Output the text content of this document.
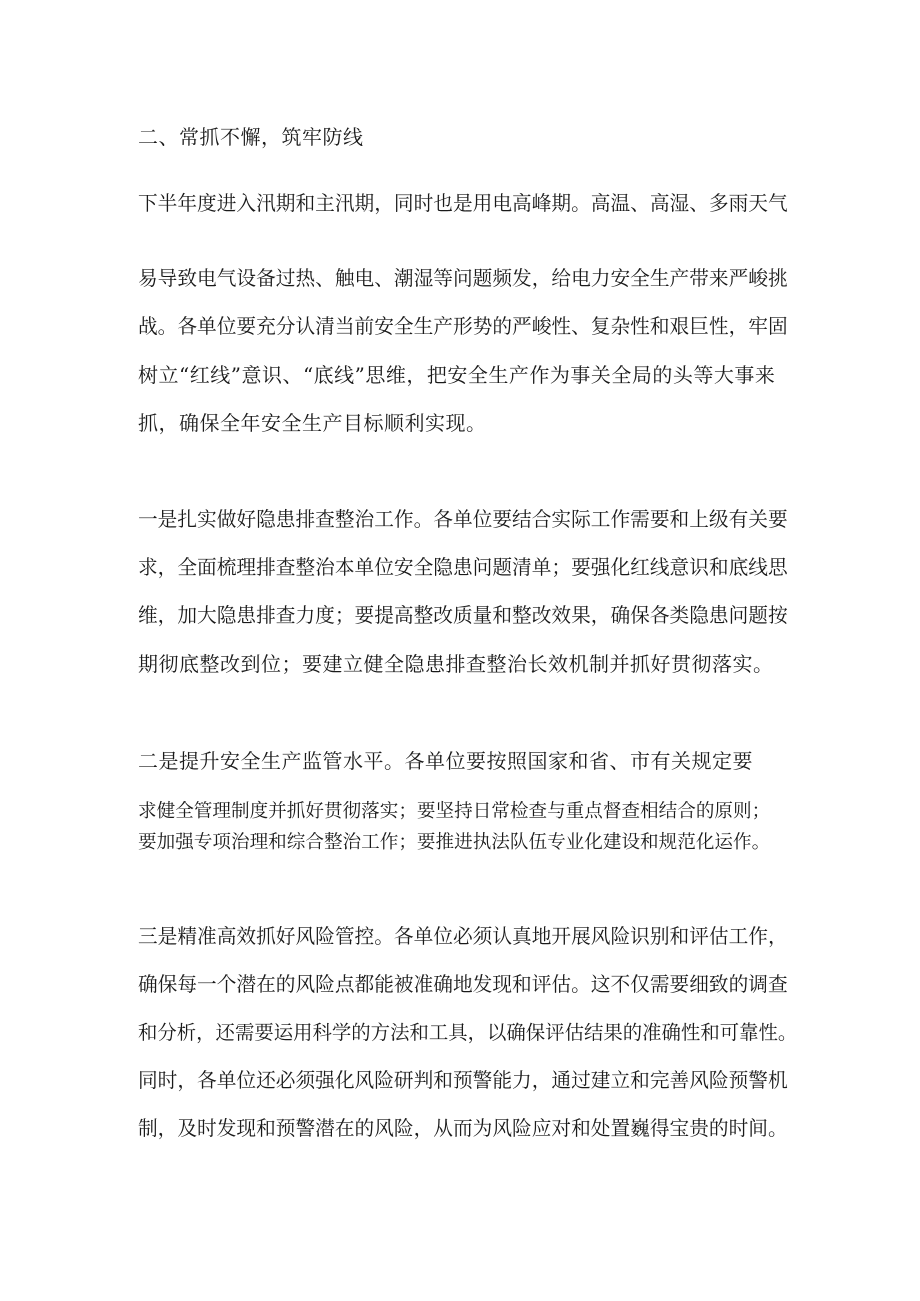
二、常抓不懈，筑牢防线
下半年度进入汛期和主汛期，同时也是用电高峰期。高温、高湿、多雨天气
易导致电气设备过热、触电、潮湿等问题频发，给电力安全生产带来严峻挑
战。各单位要充分认清当前安全生产形势的严峻性、复杂性和艰巨性，牢固
树立“红线”意识、“底线”思维，把安全生产作为事关全局的头等大事来
抓，确保全年安全生产目标顺利实现。
一是扎实做好隐患排查整治工作。各单位要结合实际工作需要和上级有关要
求，全面梳理排查整治本单位安全隐患问题清单；要强化红线意识和底线思
维，加大隐患排查力度；要提高整改质量和整改效果，确保各类隐患问题按
期彻底整改到位；要建立健全隐患排查整治长效机制并抓好贯彻落实。
二是提升安全生产监管水平。各单位要按照国家和省、市有关规定要
求健全管理制度并抓好贯彻落实；要坚持日常检查与重点督查相结合的原则；
要加强专项治理和综合整治工作；要推进执法队伍专业化建设和规范化运作。
三是精准高效抓好风险管控。各单位必须认真地开展风险识别和评估工作，
确保每一个潜在的风险点都能被准确地发现和评估。这不仅需要细致的调查
和分析，还需要运用科学的方法和工具，以确保评估结果的准确性和可靠性。
同时，各单位还必须强化风险研判和预警能力，通过建立和完善风险预警机
制，及时发现和预警潜在的风险，从而为风险应对和处置巍得宝贵的时间。
